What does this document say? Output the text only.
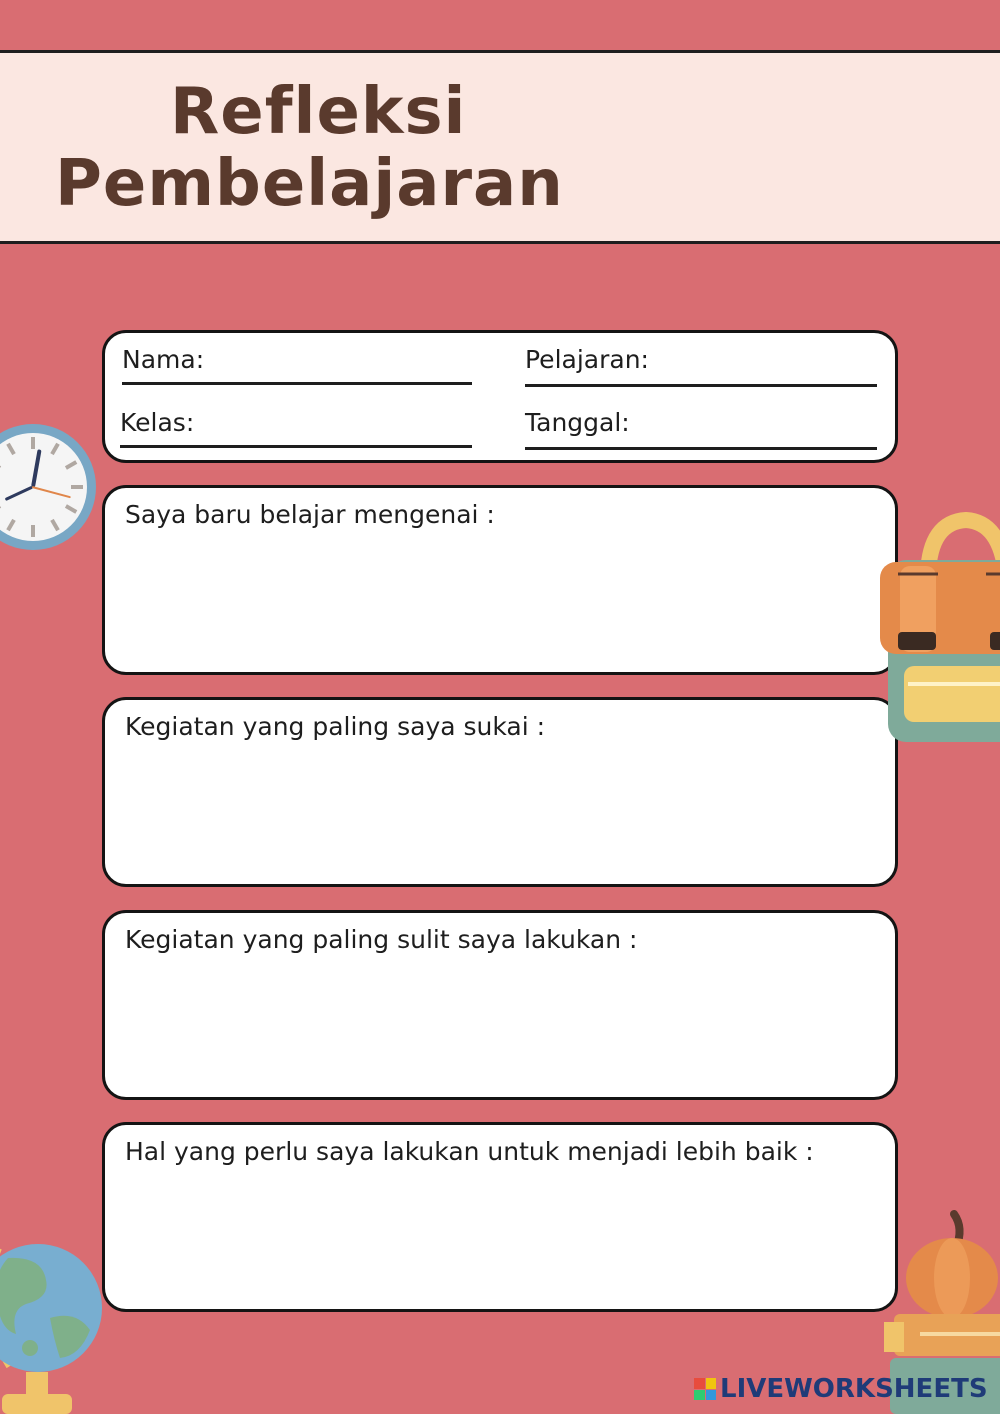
Refleksi
Pembelajaran
Nama:	Pelajaran:
Kelas:	Tanggal:
Saya baru belajar mengenai :
Kegiatan yang paling saya sukai :
Kegiatan yang paling sulit saya lakukan :
Hal yang perlu saya lakukan untuk menjadi lebih baik :
LIVEWORKSHEETS
